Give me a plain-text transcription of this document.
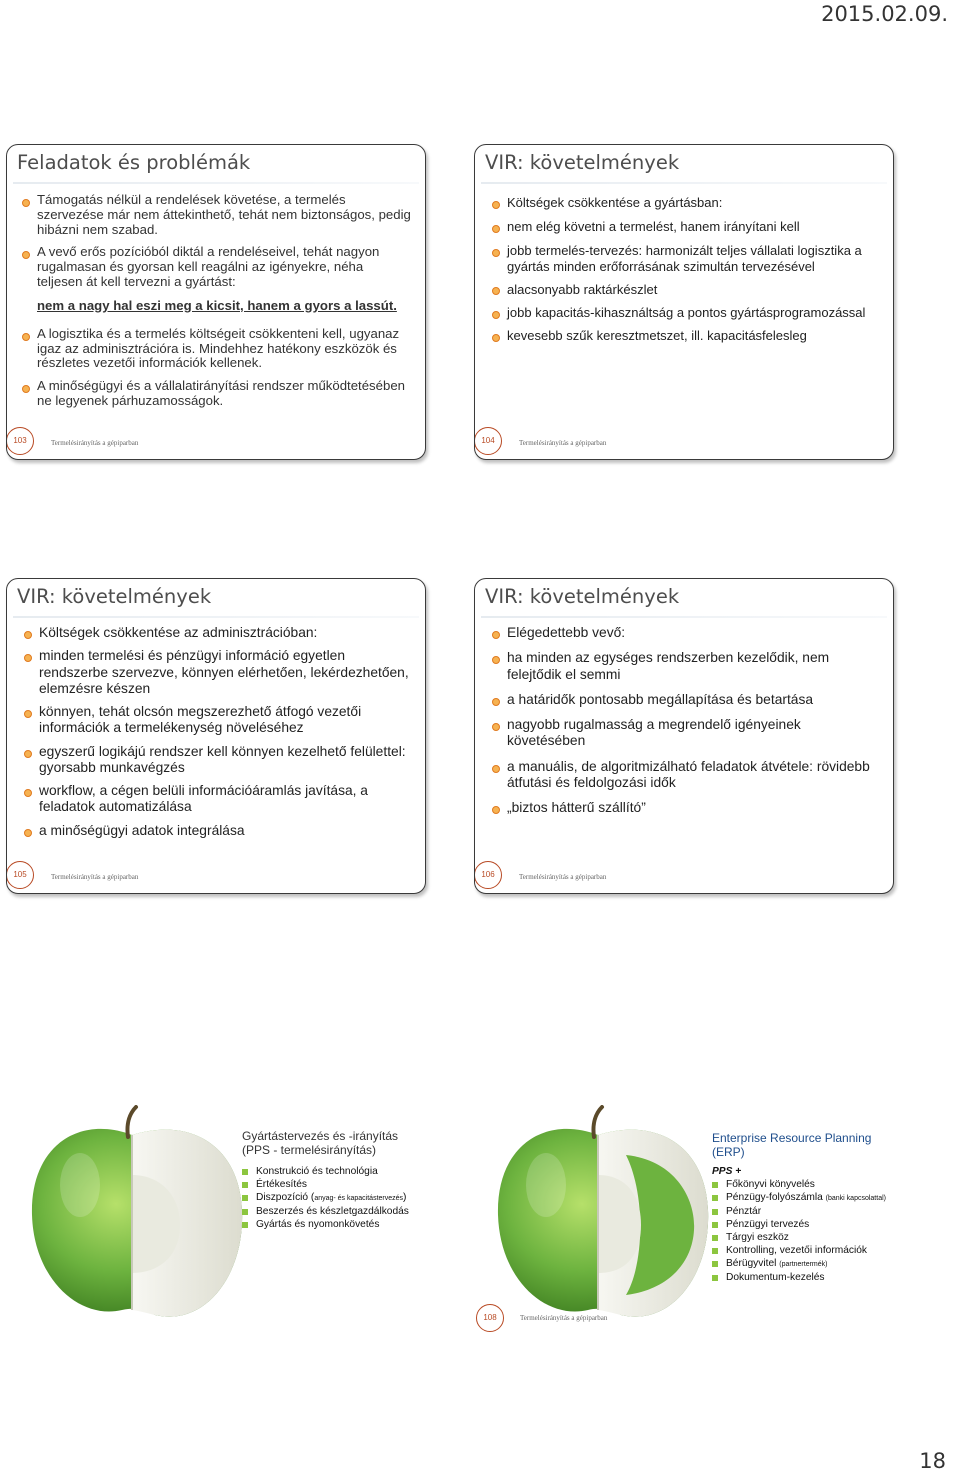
2015.02.09.
Feladatok és problémák
Támogatás nélkül a rendelések követése, a termelés szervezése már nem áttekinthető, tehát nem biztonságos, pedig hibázni nem szabad.
A vevő erős pozícióból diktál a rendeléseivel, tehát nagyon rugalmasan és gyorsan kell reagálni az igényekre, néha teljesen át kell tervezni a gyártást:
nem a nagy hal eszi meg a kicsit, hanem a gyors a lassút.
A logisztika és a termelés költségeit csökkenteni kell, ugyanaz igaz az adminisztrációra is. Mindehhez hatékony eszközök és részletes vezetői információk kellenek.
A minőségügyi és a vállalatirányítási rendszer működtetésében ne legyenek párhuzamosságok.
103	Termelésirányítás a gépiparban
VIR: követelmények
Költségek csökkentése a gyártásban:
nem elég követni a termelést, hanem irányítani kell
jobb termelés-tervezés: harmonizált teljes vállalati logisztika a gyártás minden erőforrásának szimultán tervezésével
alacsonyabb raktárkészlet
jobb kapacitás-kihasználtság a pontos gyártásprogramozással
kevesebb szűk keresztmetszet, ill. kapacitásfelesleg
104	Termelésirányítás a gépiparban
VIR: követelmények
Költségek csökkentése az adminisztrációban:
minden termelési és pénzügyi információ egyetlen rendszerbe szervezve, könnyen elérhetően, lekérdezhetően, elemzésre készen
könnyen, tehát olcsón megszerezhető átfogó vezetői információk a termelékenység növeléséhez
egyszerű logikájú rendszer kell könnyen kezelhető felülettel: gyorsabb munkavégzés
workflow, a cégen belüli információáramlás javítása, a feladatok automatizálása
a minőségügyi adatok integrálása
105	Termelésirányítás a gépiparban
VIR: követelmények
Elégedettebb vevő:
ha minden az egységes rendszerben kezelődik, nem felejtődik el semmi
a határidők pontosabb megállapítása és betartása
nagyobb rugalmasság a megrendelő igényeinek követésében
a manuális, de algoritmizálható feladatok átvétele: rövidebb átfutási és feldolgozási idők
„biztos hátterű szállító”
106	Termelésirányítás a gépiparban
Gyártástervezés és -irányítás
(PPS - termelésirányítás)
Konstrukció és technológia
Értékesítés
Diszpozíció (anyag- és kapacitástervezés)
Beszerzés és készletgazdálkodás
Gyártás és nyomonkövetés
Enterprise Resource Planning
(ERP)
PPS +
Főkönyvi könyvelés
Pénzügy-folyószámla (banki kapcsolattal)
Pénztár
Pénzügyi tervezés
Tárgyi eszköz
Kontrolling, vezetői információk
Bérügyvitel (partnertermék)
Dokumentum-kezelés
108	Termelésirányítás a gépiparban
18
